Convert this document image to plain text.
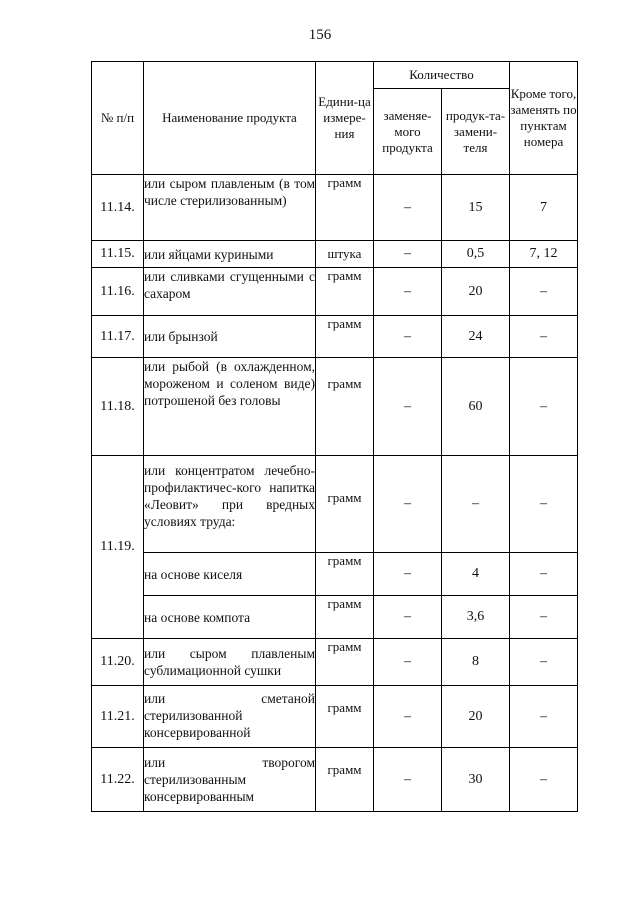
156
№ п/п	Наименование продукта	Едини-ца измере-ния	Количество		Кроме того, заменять по пунктам номера
			заменяе-мого продукта	продук-та-замени-теля	
11.14.	или сыром плавленым (в том числе стерилизованным)	грамм	–	15	7
11.15.	или яйцами куриными	штука	–	0,5	7, 12
11.16.	или сливками сгущенными с сахаром	грамм	–	20	–
11.17.	или брынзой	грамм	–	24	–
11.18.	или рыбой (в охлажденном, мороженом и соленом виде) потрошеной без головы	грамм	–	60	–
11.19.	или концентратом лечебно-профилактичес-кого напитка «Леовит» при вредных условиях труда:	грамм	–	–	–
	на основе киселя	грамм	–	4	–
	на основе компота	грамм	–	3,6	–
11.20.	или сыром плавленым сублимационной сушки	грамм	–	8	–
11.21.	или сметаной стерилизованной консервированной	грамм	–	20	–
11.22.	или творогом стерилизованным консервированным	грамм	–	30	–
